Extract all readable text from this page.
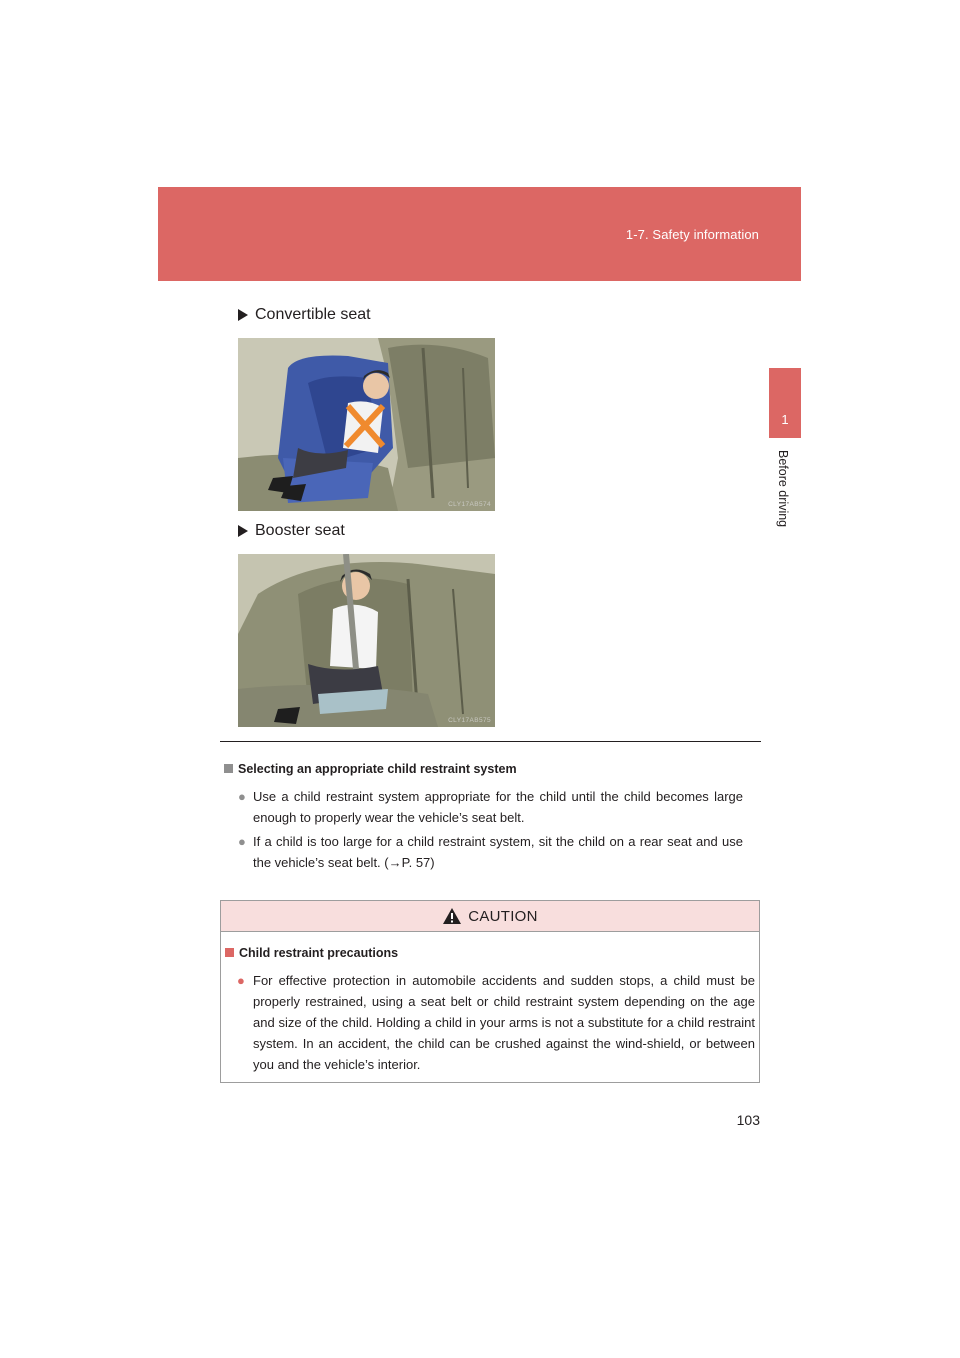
1-7. Safety information
1
Before driving
Convertible seat
CLY17AB574
Booster seat
CLY17AB575
Selecting an appropriate child restraint system
● Use a child restraint system appropriate for the child until the child becomes large enough to properly wear the vehicle’s seat belt.
● If a child is too large for a child restraint system, sit the child on a rear seat and use the vehicle’s seat belt. (→P. 57)
CAUTION
Child restraint precautions
● For effective protection in automobile accidents and sudden stops, a child must be properly restrained, using a seat belt or child restraint system depending on the age and size of the child. Holding a child in your arms is not a substitute for a child restraint system. In an accident, the child can be crushed against the wind-shield, or between you and the vehicle’s interior.
103
